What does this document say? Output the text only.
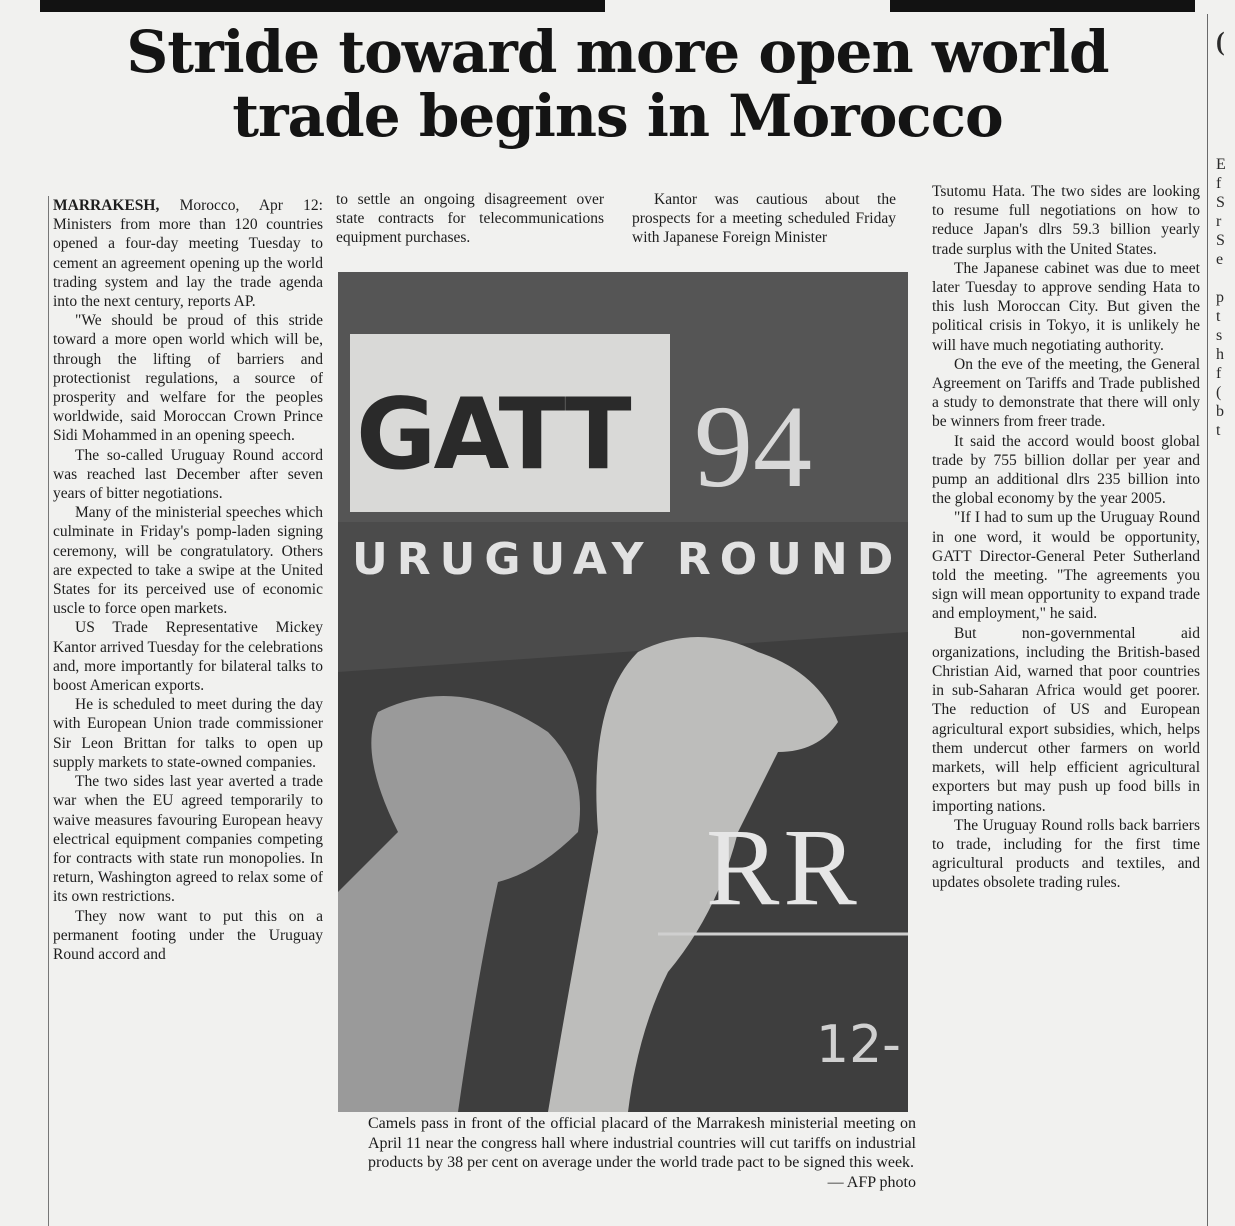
(
E
f
S
r
S
e
p
t
s
h
f
(
b
t
Stride toward more open world
trade begins in Morocco

MARRAKESH, Morocco, Apr 12: Ministers from more than 120 countries opened a four-day meeting Tuesday to cement an agreement opening up the world trading system and lay the trade agenda into the next century, reports AP.

"We should be proud of this stride toward a more open world which will be, through the lifting of barriers and protectionist regulations, a source of prosperity and welfare for the peoples worldwide, said Moroccan Crown Prince Sidi Mohammed in an opening speech.

The so-called Uruguay Round accord was reached last December after seven years of bitter negotiations.

Many of the ministerial speeches which culminate in Friday's pomp-laden signing ceremony, will be congratulatory. Others are expected to take a swipe at the United States for its perceived use of economic uscle to force open markets.

US Trade Representative Mickey Kantor arrived Tuesday for the celebrations and, more importantly for bilateral talks to boost American exports.

He is scheduled to meet during the day with European Union trade commissioner Sir Leon Brittan for talks to open up supply markets to state-owned companies.

The two sides last year averted a trade war when the EU agreed temporarily to waive measures favouring European heavy electrical equipment companies competing for contracts with state run monopolies. In return, Washington agreed to relax some of its own restrictions.

They now want to put this on a permanent footing under the Uruguay Round accord and

to settle an ongoing disagreement over state contracts for telecommunications equipment purchases.

Kantor was cautious about the prospects for a meeting scheduled Friday with Japanese Foreign Minister

GATT 94
URUGUAY ROUND
RR
12-
Camels pass in front of the official placard of the Marrakesh ministerial meeting on April 11 near the congress hall where industrial countries will cut tariffs on industrial products by 38 per cent on average under the world trade pact to be signed this week.
— AFP photo

Tsutomu Hata. The two sides are looking to resume full negotiations on how to reduce Japan's dlrs 59.3 billion yearly trade surplus with the United States.

The Japanese cabinet was due to meet later Tuesday to approve sending Hata to this lush Moroccan City. But given the political crisis in Tokyo, it is unlikely he will have much negotiating authority.

On the eve of the meeting, the General Agreement on Tariffs and Trade published a study to demonstrate that there will only be winners from freer trade.

It said the accord would boost global trade by 755 billion dollar per year and pump an additional dlrs 235 billion into the global economy by the year 2005.

"If I had to sum up the Uruguay Round in one word, it would be opportunity, GATT Director-General Peter Sutherland told the meeting. "The agreements you sign will mean opportunity to expand trade and employment," he said.

But non-governmental aid organizations, including the British-based Christian Aid, warned that poor countries in sub-Saharan Africa would get poorer. The reduction of US and European agricultural export subsidies, which, helps them undercut other farmers on world markets, will help efficient agricultural exporters but may push up food bills in importing nations.

The Uruguay Round rolls back barriers to trade, including for the first time agricultural products and textiles, and updates obsolete trading rules.
